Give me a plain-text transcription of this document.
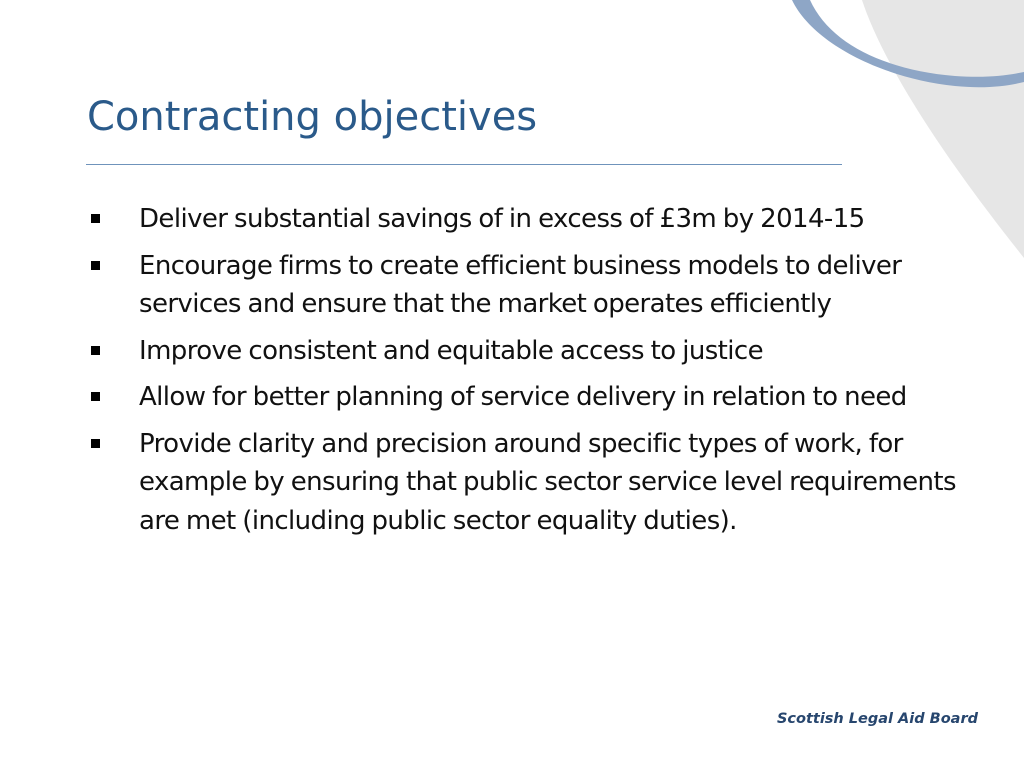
Contracting objectives
Deliver substantial savings of in excess of £3m by 2014-15
Encourage firms to create efficient business models to deliver services and ensure that the market operates efficiently
Improve consistent and equitable access to justice
Allow for better planning of service delivery in relation to need
Provide clarity and precision around specific types of work, for example by ensuring that public sector service level requirements are met (including public sector equality duties).
Scottish Legal Aid Board
